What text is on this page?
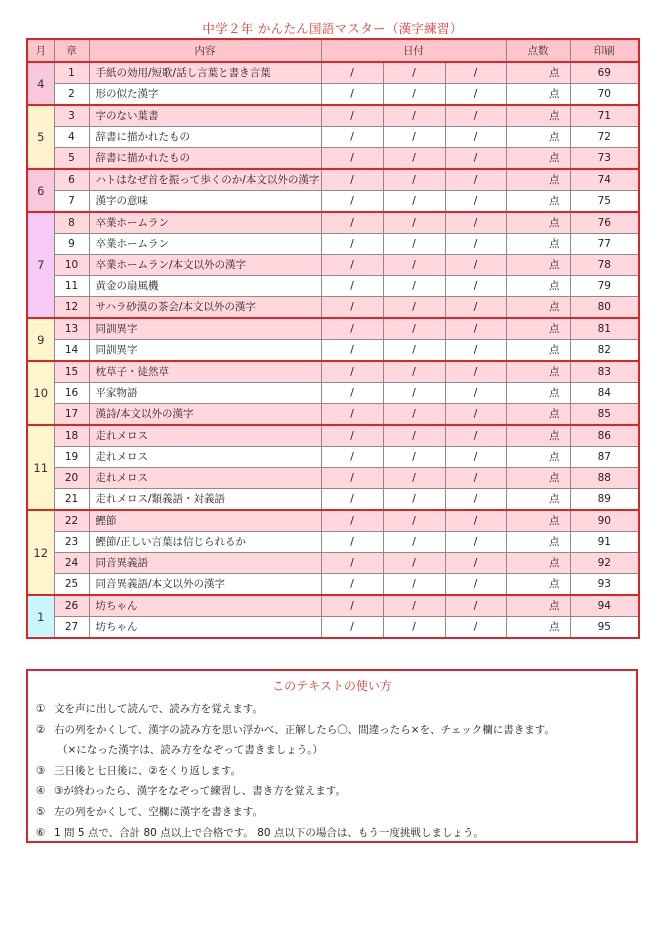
中学２年 かんたん国語マスター（漢字練習）
月	章	内容	日付			点数	印刷
4	1	手紙の効用/短歌/話し言葉と書き言葉	/	/	/	点	69
	2	形の似た漢字	/	/	/	点	70
5	3	字のない葉書	/	/	/	点	71
	4	辞書に描かれたもの	/	/	/	点	72
	5	辞書に描かれたもの	/	/	/	点	73
6	6	ハトはなぜ首を振って歩くのか/本文以外の漢字	/	/	/	点	74
	7	漢字の意味	/	/	/	点	75
7	8	卒業ホームラン	/	/	/	点	76
	9	卒業ホームラン	/	/	/	点	77
	10	卒業ホームラン/本文以外の漢字	/	/	/	点	78
	11	黄金の扇風機	/	/	/	点	79
	12	サハラ砂漠の茶会/本文以外の漢字	/	/	/	点	80
9	13	同訓異字	/	/	/	点	81
	14	同訓異字	/	/	/	点	82
10	15	枕草子・徒然草	/	/	/	点	83
	16	平家物語	/	/	/	点	84
	17	漢詩/本文以外の漢字	/	/	/	点	85
11	18	走れメロス	/	/	/	点	86
	19	走れメロス	/	/	/	点	87
	20	走れメロス	/	/	/	点	88
	21	走れメロス/類義語・対義語	/	/	/	点	89
12	22	鰹節	/	/	/	点	90
	23	鰹節/正しい言葉は信じられるか	/	/	/	点	91
	24	同音異義語	/	/	/	点	92
	25	同音異義語/本文以外の漢字	/	/	/	点	93
1	26	坊ちゃん	/	/	/	点	94
	27	坊ちゃん	/	/	/	点	95
このテキストの使い方
① 文を声に出して読んで、読み方を覚えます。
② 右の列をかくして、漢字の読み方を思い浮かべ、正解したら〇、間違ったら×を、チェック欄に書きます。
（×になった漢字は、読み方をなぞって書きましょう。）
③ 三日後と七日後に、②をくり返します。
④ ③が終わったら、漢字をなぞって練習し、書き方を覚えます。
⑤ 左の列をかくして、空欄に漢字を書きます。
⑥ 1 問 5 点で、合計 80 点以上で合格です。 80 点以下の場合は、もう一度挑戦しましょう。
